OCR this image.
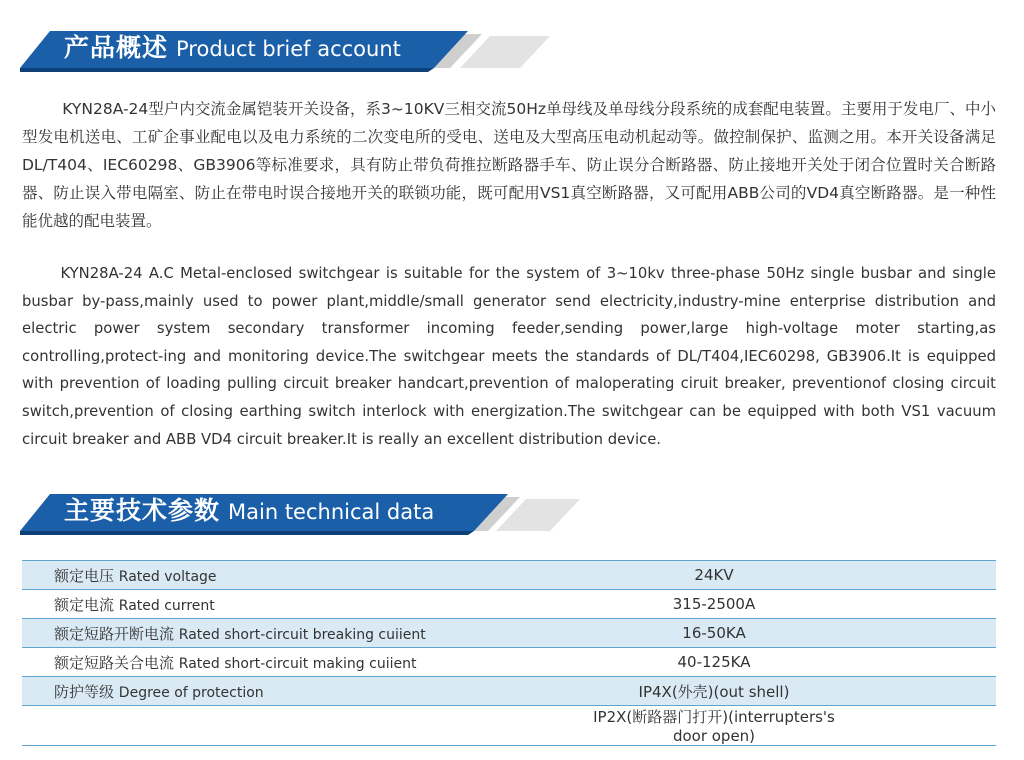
产品概述 Product brief account

KYN28A-24型户内交流金属铠装开关设备，系3~10KV三相交流50Hz单母线及单母线分段系统的成套配电装置。主要用于发电厂、中小型发电机送电、工矿企事业配电以及电力系统的二次变电所的受电、送电及大型高压电动机起动等。做控制保护、监测之用。本开关设备满足DL/T404、IEC60298、GB3906等标准要求，具有防止带负荷推拉断路器手车、防止误分合断路器、防止接地开关处于闭合位置时关合断路器、防止误入带电隔室、防止在带电时误合接地开关的联锁功能，既可配用VS1真空断路器，又可配用ABB公司的VD4真空断路器。是一种性能优越的配电装置。

KYN28A-24 A.C Metal-enclosed switchgear is suitable for the system of 3~10kv three-phase 50Hz single busbar and single busbar by-pass,mainly used to power plant,middle/small generator send electricity,industry-mine enterprise distribution and electric power system secondary transformer incoming feeder,sending power,large high-voltage moter starting,as controlling,protect-ing and monitoring device.The switchgear meets the standards of DL/T404,IEC60298, GB3906.It is equipped with prevention of loading pulling circuit breaker handcart,prevention of maloperating ciruit breaker, preventionof closing circuit switch,prevention of closing earthing switch interlock with energization.The switchgear can be equipped with both VS1 vacuum circuit breaker and ABB VD4 circuit breaker.It is really an excellent distribution device.

主要技术参数 Main technical data
额定电压 Rated voltage	24KV
额定电流 Rated current	315-2500A
额定短路开断电流 Rated short-circuit breaking cuiient	16-50KA
额定短路关合电流 Rated short-circuit making cuiient	40-125KA
防护等级 Degree of protection	IP4X(外壳)(out shell)
	IP2X(断路器门打开)(interrupters's door open)
